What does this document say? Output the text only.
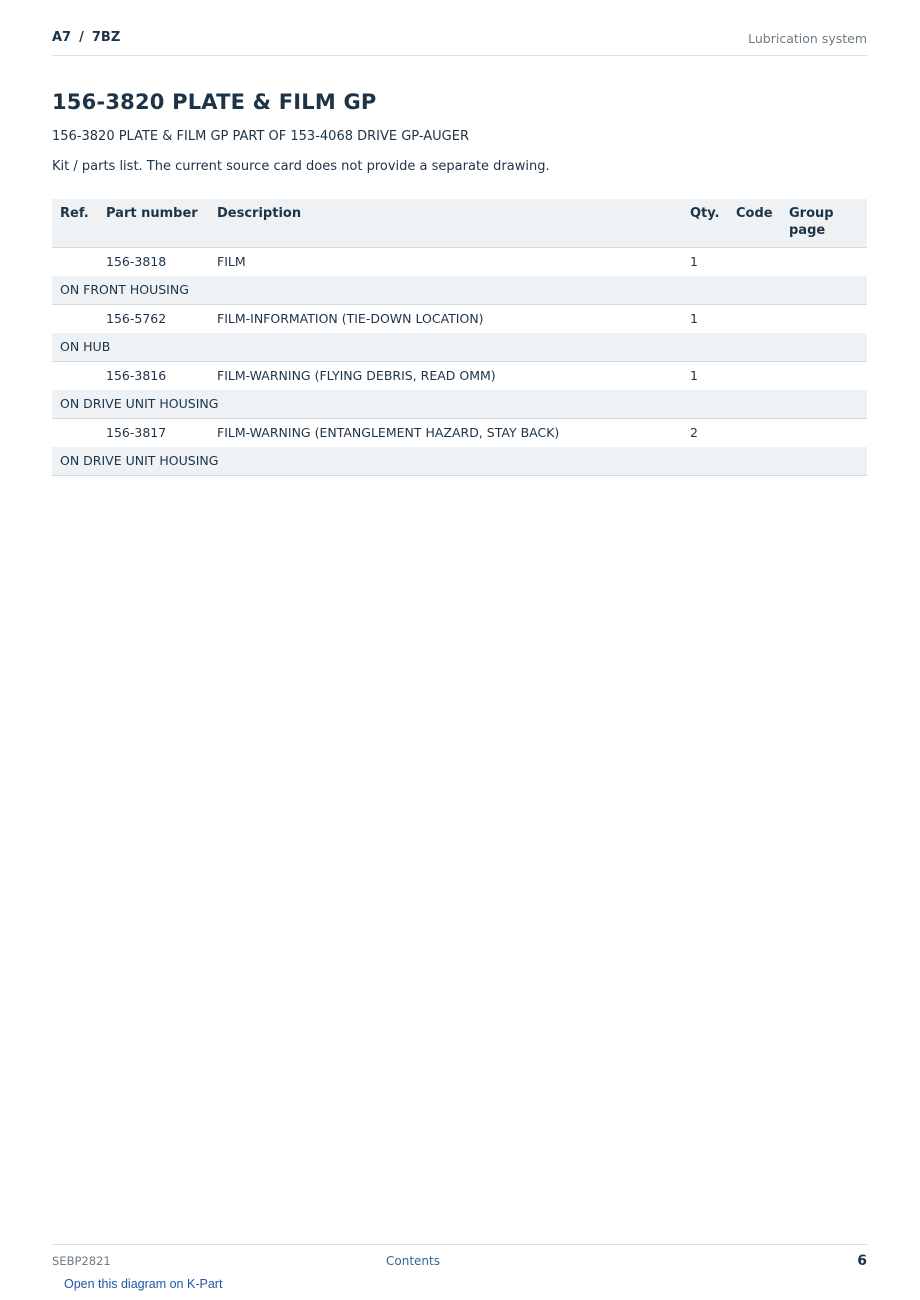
A7 / 7BZ	Lubrication system
156-3820 PLATE & FILM GP

156-3820 PLATE & FILM GP PART OF 153-4068 DRIVE GP-AUGER

Kit / parts list. The current source card does not provide a separate drawing.

Ref.	Part number	Description	Qty.	Code	Group page
	156-3818	FILM	1		
ON FRONT HOUSING					
	156-5762	FILM-INFORMATION (TIE-DOWN LOCATION)	1		
ON HUB					
	156-3816	FILM-WARNING (FLYING DEBRIS, READ OMM)	1		
ON DRIVE UNIT HOUSING					
	156-3817	FILM-WARNING (ENTANGLEMENT HAZARD, STAY BACK)	2		
ON DRIVE UNIT HOUSING					
SEBP2821	Contents	6
Open this diagram on K-Part
